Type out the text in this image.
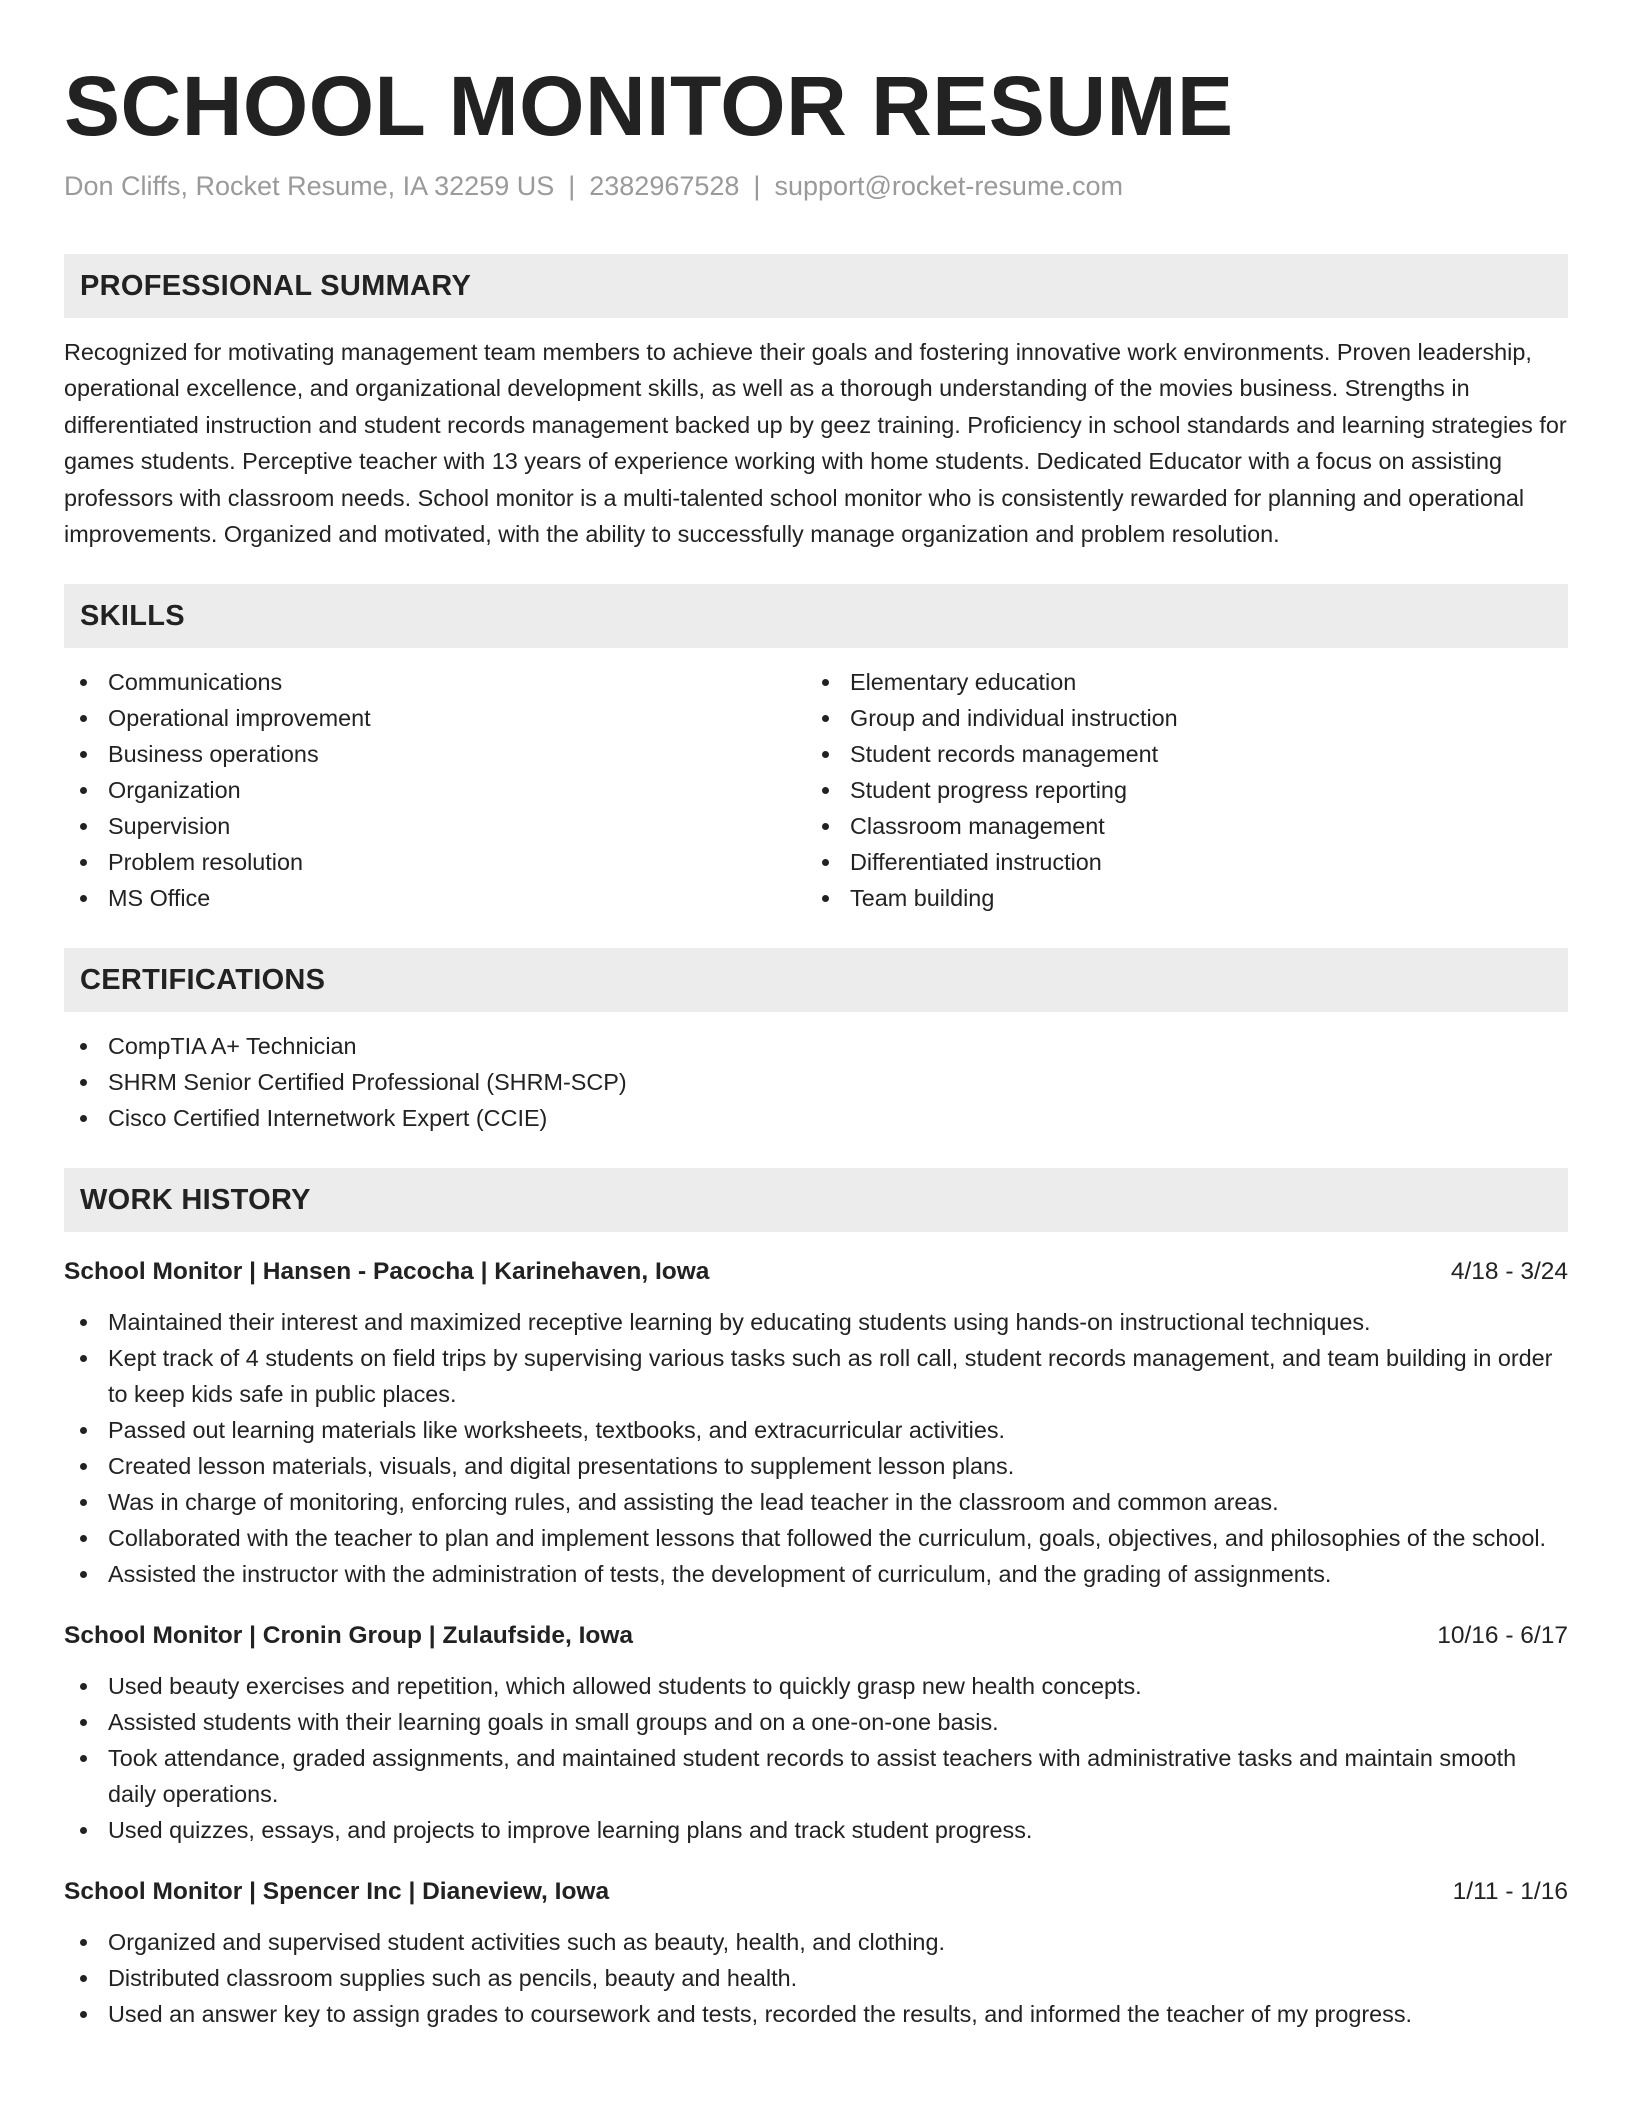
SCHOOL MONITOR RESUME
Don Cliffs, Rocket Resume, IA 32259 US | 2382967528 | support@rocket-resume.com
PROFESSIONAL SUMMARY

Recognized for motivating management team members to achieve their goals and fostering innovative work environments. Proven leadership, operational excellence, and organizational development skills, as well as a thorough understanding of the movies business. Strengths in differentiated instruction and student records management backed up by geez training. Proficiency in school standards and learning strategies for games students. Perceptive teacher with 13 years of experience working with home students. Dedicated Educator with a focus on assisting professors with classroom needs. School monitor is a multi-talented school monitor who is consistently rewarded for planning and operational improvements. Organized and motivated, with the ability to successfully manage organization and problem resolution.

SKILLS
Communications
Operational improvement
Business operations
Organization
Supervision
Problem resolution
MS Office
Elementary education
Group and individual instruction
Student records management
Student progress reporting
Classroom management
Differentiated instruction
Team building
CERTIFICATIONS
CompTIA A+ Technician
SHRM Senior Certified Professional (SHRM-SCP)
Cisco Certified Internetwork Expert (CCIE)
WORK HISTORY
School Monitor | Hansen - Pacocha | Karinehaven, Iowa	4/18 - 3/24
Maintained their interest and maximized receptive learning by educating students using hands-on instructional techniques.
Kept track of 4 students on field trips by supervising various tasks such as roll call, student records management, and team building in order to keep kids safe in public places.
Passed out learning materials like worksheets, textbooks, and extracurricular activities.
Created lesson materials, visuals, and digital presentations to supplement lesson plans.
Was in charge of monitoring, enforcing rules, and assisting the lead teacher in the classroom and common areas.
Collaborated with the teacher to plan and implement lessons that followed the curriculum, goals, objectives, and philosophies of the school.
Assisted the instructor with the administration of tests, the development of curriculum, and the grading of assignments.
School Monitor | Cronin Group | Zulaufside, Iowa	10/16 - 6/17
Used beauty exercises and repetition, which allowed students to quickly grasp new health concepts.
Assisted students with their learning goals in small groups and on a one-on-one basis.
Took attendance, graded assignments, and maintained student records to assist teachers with administrative tasks and maintain smooth daily operations.
Used quizzes, essays, and projects to improve learning plans and track student progress.
School Monitor | Spencer Inc | Dianeview, Iowa	1/11 - 1/16
Organized and supervised student activities such as beauty, health, and clothing.
Distributed classroom supplies such as pencils, beauty and health.
Used an answer key to assign grades to coursework and tests, recorded the results, and informed the teacher of my progress.
